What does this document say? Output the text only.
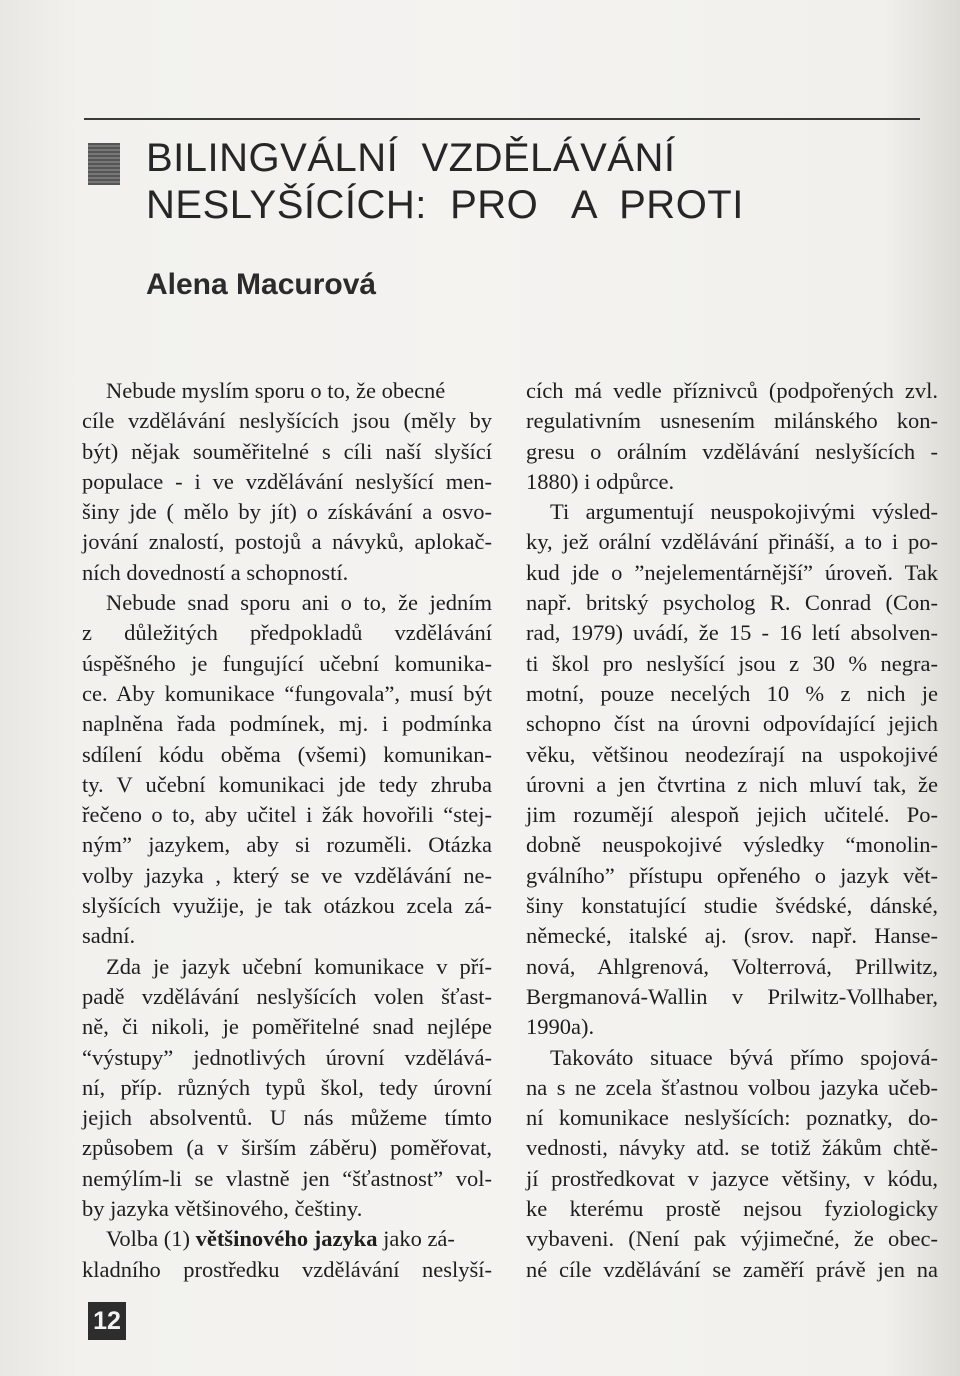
BILINGVÁLNÍ  VZDĚLÁVÁNÍ
NESLYŠÍCÍCH:  PRO   A  PROTI
Alena Macurová
Nebude myslím sporu o to, že obecné
cíle vzdělávání neslyšících jsou (měly by
být) nějak souměřitelné s cíli naší slyšící
populace - i ve vzdělávání neslyšící men-
šiny jde ( mělo by jít) o získávání a osvo-
jování znalostí, postojů a návyků, aplokač-
ních dovedností a schopností.
Nebude snad sporu ani o to, že jedním
z důležitých předpokladů vzdělávání
úspěšného je fungující učební komunika-
ce. Aby komunikace “fungovala”, musí být
naplněna řada podmínek, mj. i podmínka
sdílení kódu oběma (všemi) komunikan-
ty. V učební komunikaci jde tedy zhruba
řečeno o to, aby učitel i žák hovořili “stej-
ným” jazykem, aby si rozuměli. Otázka
volby jazyka , který se ve vzdělávání ne-
slyšících využije, je tak otázkou zcela zá-
sadní.
Zda je jazyk učební komunikace v pří-
padě vzdělávání neslyšících volen šťast-
ně, či nikoli, je poměřitelné snad nejlépe
“výstupy” jednotlivých úrovní vzdělává-
ní, příp. různých typů škol, tedy úrovní
jejich absolventů. U nás můžeme tímto
způsobem (a v širším záběru) poměřovat,
nemýlím-li se vlastně jen “šťastnost” vol-
by jazyka většinového, češtiny.
Volba (1) většinového jazyka jako zá-
kladního prostředku vzdělávání neslyší-
cích má vedle příznivců (podpořených zvl.
regulativním usnesením milánského kon-
gresu o orálním vzdělávání neslyšících -
1880) i odpůrce.
Ti argumentují neuspokojivými výsled-
ky, jež orální vzdělávání přináší, a to i po-
kud jde o ”nejelementárnější” úroveň. Tak
např. britský psycholog R. Conrad (Con-
rad, 1979) uvádí, že 15 - 16 letí absolven-
ti škol pro neslyšící jsou z 30 % negra-
motní, pouze necelých 10 % z nich je
schopno číst na úrovni odpovídající jejich
věku, většinou neodezírají na uspokojivé
úrovni a jen čtvrtina z nich mluví tak, že
jim rozumějí alespoň jejich učitelé. Po-
dobně neuspokojivé výsledky “monolin-
gválního” přístupu opřeného o jazyk vět-
šiny konstatující studie švédské, dánské,
německé, italské aj. (srov. např. Hanse-
nová, Ahlgrenová, Volterrová, Prillwitz,
Bergmanová-Wallin v Prilwitz-Vollhaber,
1990a).
Takováto situace bývá přímo spojová-
na s ne zcela šťastnou volbou jazyka učeb-
ní komunikace neslyšících: poznatky, do-
vednosti, návyky atd. se totiž žákům chtě-
jí prostředkovat v jazyce většiny, v kódu,
ke kterému prostě nejsou fyziologicky
vybaveni. (Není pak výjimečné, že obec-
né cíle vzdělávání se zaměří právě jen na
12
